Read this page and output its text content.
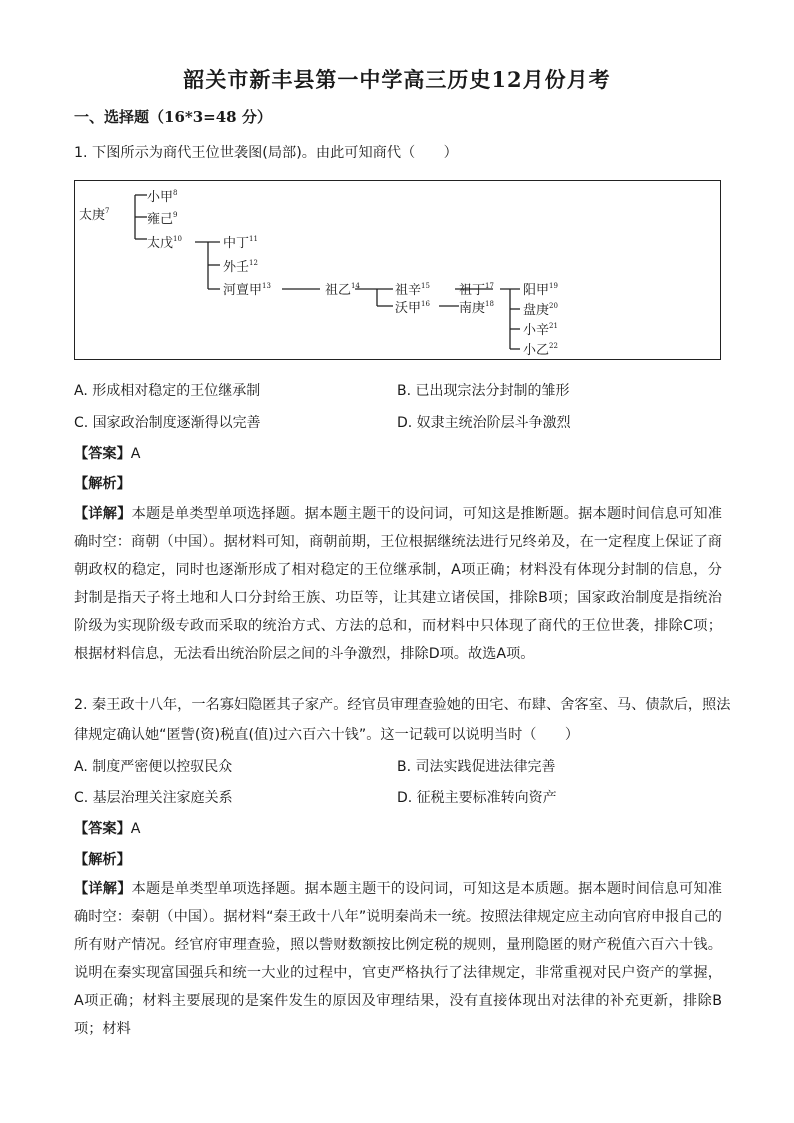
韶关市新丰县第一中学高三历史12月份月考
一、选择题（16*3=48 分）
1. 下图所示为商代王位世袭图(局部)。由此可知商代（　　）
太庚$^7$
小甲$^8$
雍己$^9$
太戊$^{10}$	中丁$^{11}$
外壬$^{12}$
河亶甲$^{13}$	祖乙$^{14}$	祖辛$^{15}$
沃甲$^{16}$
祖丁$^{17}$
南庚$^{18}$
阳甲$^{19}$
盘庚$^{20}$
小辛$^{21}$
小乙$^{22}$
A. 形成相对稳定的王位继承制	B. 已出现宗法分封制的雏形
C. 国家政治制度逐渐得以完善	D. 奴隶主统治阶层斗争激烈
【答案】A
【解析】
【详解】本题是单类型单项选择题。据本题主题干的设问词，可知这是推断题。据本题时间信息可知准确时空：商朝（中国）。据材料可知，商朝前期，王位根据继统法进行兄终弟及，在一定程度上保证了商朝政权的稳定，同时也逐渐形成了相对稳定的王位继承制，A项正确；材料没有体现分封制的信息，分封制是指天子将土地和人口分封给王族、功臣等，让其建立诸侯国，排除B项；国家政治制度是指统治阶级为实现阶级专政而采取的统治方式、方法的总和，而材料中只体现了商代的王位世袭，排除C项；根据材料信息，无法看出统治阶层之间的斗争激烈，排除D项。故选A项。
2. 秦王政十八年，一名寡妇隐匿其子家产。经官员审理查验她的田宅、布肆、舍客室、马、债款后，照法
律规定确认她“匿訾(资)税直(值)过六百六十钱”。这一记载可以说明当时（　　）
A. 制度严密便以控驭民众	B. 司法实践促进法律完善
C. 基层治理关注家庭关系	D. 征税主要标准转向资产
【答案】A
【解析】
【详解】本题是单类型单项选择题。据本题主题干的设问词，可知这是本质题。据本题时间信息可知准确时空：秦朝（中国）。据材料“秦王政十八年”说明秦尚未一统。按照法律规定应主动向官府申报自己的所有财产情况。经官府审理查验，照以訾财数额按比例定税的规则，量刑隐匿的财产税值六百六十钱。说明在秦实现富国强兵和统一大业的过程中，官吏严格执行了法律规定，非常重视对民户资产的掌握，A项正确；材料主要展现的是案件发生的原因及审理结果，没有直接体现出对法律的补充更新，排除B项；材料
